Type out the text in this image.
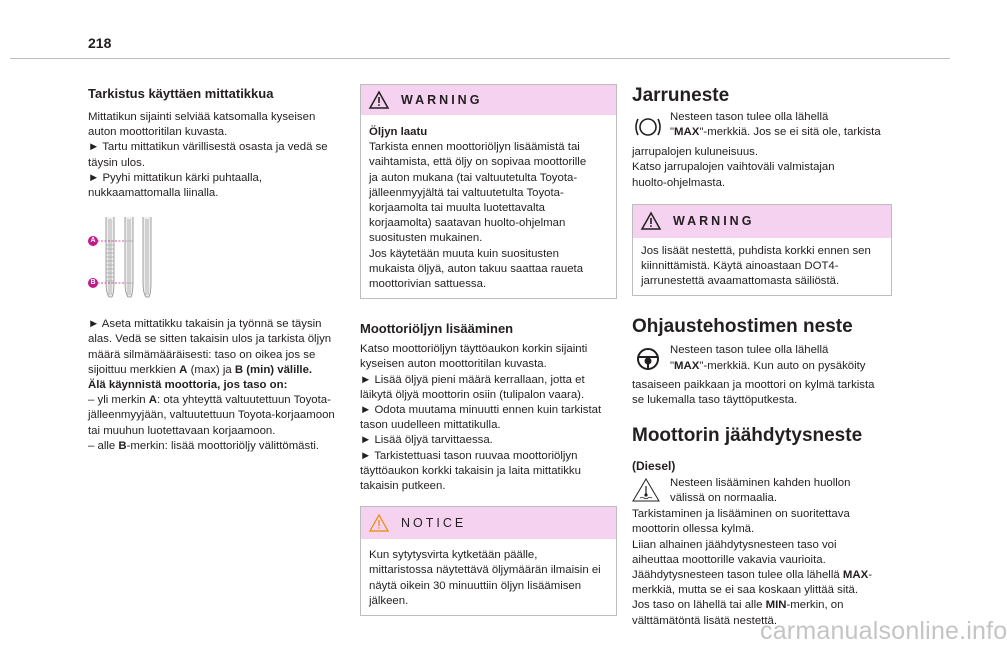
218
Tarkistus käyttäen mittatikkua
Mittatikun sijainti selviää katsomalla kyseisen
auton moottoritilan kuvasta.
► Tartu mittatikun värillisestä osasta ja vedä se
täysin ulos.
► Pyyhi mittatikun kärki puhtaalla,
nukkaamattomalla liinalla.
A
B
► Aseta mittatikku takaisin ja työnnä se täysin
alas. Vedä se sitten takaisin ulos ja tarkista öljyn
määrä silmämääräisesti: taso on oikea jos se
sijoittuu merkkien A (max) ja B (min) välille.
Älä käynnistä moottoria, jos taso on:
– yli merkin A: ota yhteyttä valtuutettuun Toyota-
jälleenmyyjään, valtuutettuun Toyota-korjaamoon
tai muuhun luotettavaan korjaamoon.
– alle B-merkin: lisää moottoriöljy välittömästi.
WARNING
Öljyn laatu
Tarkista ennen moottoriöljyn lisäämistä tai
vaihtamista, että öljy on sopivaa moottorille
ja auton mukana (tai valtuutetulta Toyota-
jälleenmyyjältä tai valtuutetulta Toyota-
korjaamolta tai muulta luotettavalta
korjaamolta) saatavan huolto-ohjelman
suositusten mukainen.
Jos käytetään muuta kuin suositusten
mukaista öljyä, auton takuu saattaa raueta
moottorivian sattuessa.
Moottoriöljyn lisääminen
Katso moottoriöljyn täyttöaukon korkin sijainti
kyseisen auton moottoritilan kuvasta.
► Lisää öljyä pieni määrä kerrallaan, jotta et
läikytä öljyä moottorin osiin (tulipalon vaara).
► Odota muutama minuutti ennen kuin tarkistat
tason uudelleen mittatikulla.
► Lisää öljyä tarvittaessa.
► Tarkistettuasi tason ruuvaa moottoriöljyn
täyttöaukon korkki takaisin ja laita mittatikku
takaisin putkeen.
NOTICE
Kun sytytysvirta kytketään päälle,
mittaristossa näytettävä öljymäärän ilmaisin ei
näytä oikein 30 minuuttiin öljyn lisäämisen
jälkeen.
Jarruneste
Nesteen tason tulee olla lähellä
"MAX"-merkkiä. Jos se ei sitä ole, tarkista
jarrupalojen kuluneisuus.
Katso jarrupalojen vaihtoväli valmistajan
huolto-ohjelmasta.
WARNING
Jos lisäät nestettä, puhdista korkki ennen sen
kiinnittämistä. Käytä ainoastaan DOT4-
jarrunestettä avaamattomasta säiliöstä.
Ohjaustehostimen neste
Nesteen tason tulee olla lähellä
"MAX"-merkkiä. Kun auto on pysäköity
tasaiseen paikkaan ja moottori on kylmä tarkista
se lukemalla taso täyttöputkesta.
Moottorin jäähdytysneste
(Diesel)
Nesteen lisääminen kahden huollon
välissä on normaalia.
Tarkistaminen ja lisääminen on suoritettava
moottorin ollessa kylmä.
Liian alhainen jäähdytysnesteen taso voi
aiheuttaa moottorille vakavia vaurioita.
Jäähdytysnesteen tason tulee olla lähellä MAX-
merkkiä, mutta se ei saa koskaan ylittää sitä.
Jos taso on lähellä tai alle MIN-merkin, on
välttämätöntä lisätä nestettä.
carmanualsonline.info
